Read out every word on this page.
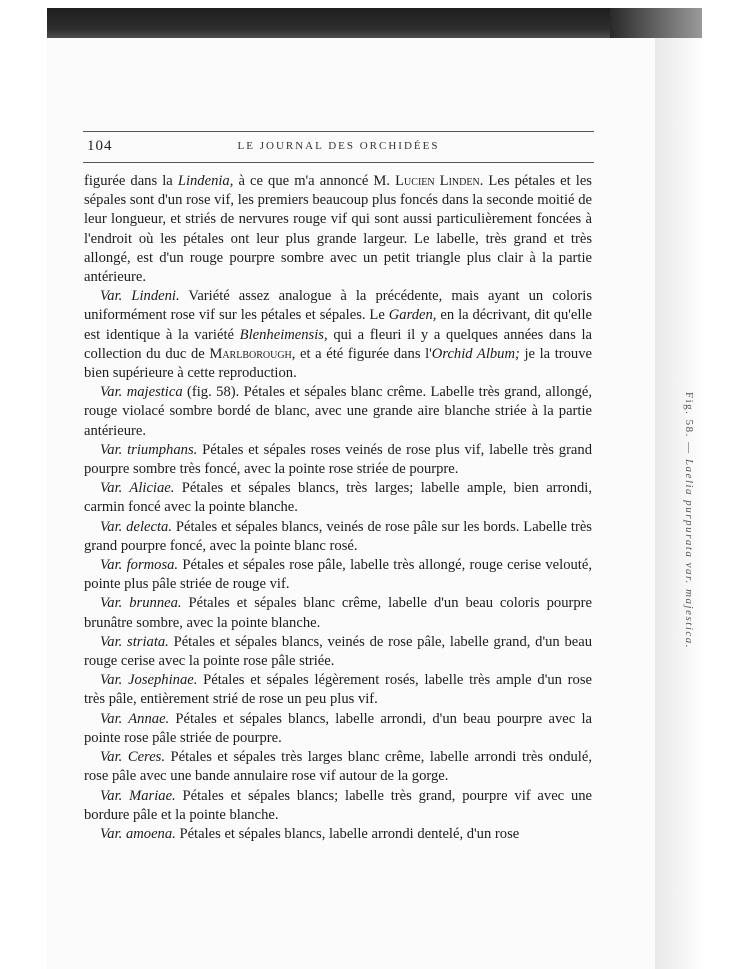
104	LE JOURNAL DES ORCHIDÉES

figurée dans la Lindenia, à ce que m'a annoncé M. Lucien Linden. Les pétales et les sépales sont d'un rose vif, les premiers beaucoup plus foncés dans la seconde moitié de leur longueur, et striés de nervures rouge vif qui sont aussi particulièrement foncées à l'endroit où les pétales ont leur plus grande largeur. Le labelle, très grand et très allongé, est d'un rouge pourpre sombre avec un petit triangle plus clair à la partie antérieure.

Var. Lindeni. Variété assez analogue à la précédente, mais ayant un coloris uniformément rose vif sur les pétales et sépales. Le Garden, en la décrivant, dit qu'elle est identique à la variété Blenheimensis, qui a fleuri il y a quelques années dans la collection du duc de Marlborough, et a été figurée dans l'Orchid Album; je la trouve bien supérieure à cette reproduction.

Var. majestica (fig. 58). Pétales et sépales blanc crême. Labelle très grand, allongé, rouge violacé sombre bordé de blanc, avec une grande aire blanche striée à la partie antérieure.

Var. triumphans. Pétales et sépales roses veinés de rose plus vif, labelle très grand pourpre sombre très foncé, avec la pointe rose striée de pourpre.

Var. Aliciae. Pétales et sépales blancs, très larges; labelle ample, bien arrondi, carmin foncé avec la pointe blanche.

Var. delecta. Pétales et sépales blancs, veinés de rose pâle sur les bords. Labelle très grand pourpre foncé, avec la pointe blanc rosé.

Var. formosa. Pétales et sépales rose pâle, labelle très allongé, rouge cerise velouté, pointe plus pâle striée de rouge vif.

Var. brunnea. Pétales et sépales blanc crême, labelle d'un beau coloris pourpre brunâtre sombre, avec la pointe blanche.

Var. striata. Pétales et sépales blancs, veinés de rose pâle, labelle grand, d'un beau rouge cerise avec la pointe rose pâle striée.

Var. Josephinae. Pétales et sépales légèrement rosés, labelle très ample d'un rose très pâle, entièrement strié de rose un peu plus vif.

Var. Annae. Pétales et sépales blancs, labelle arrondi, d'un beau pourpre avec la pointe rose pâle striée de pourpre.

Var. Ceres. Pétales et sépales très larges blanc crême, labelle arrondi très ondulé, rose pâle avec une bande annulaire rose vif autour de la gorge.

Var. Mariae. Pétales et sépales blancs; labelle très grand, pourpre vif avec une bordure pâle et la pointe blanche.

Var. amoena. Pétales et sépales blancs, labelle arrondi dentelé, d'un rose

Fig. 58. — Laelia purpurata var. majestica.
